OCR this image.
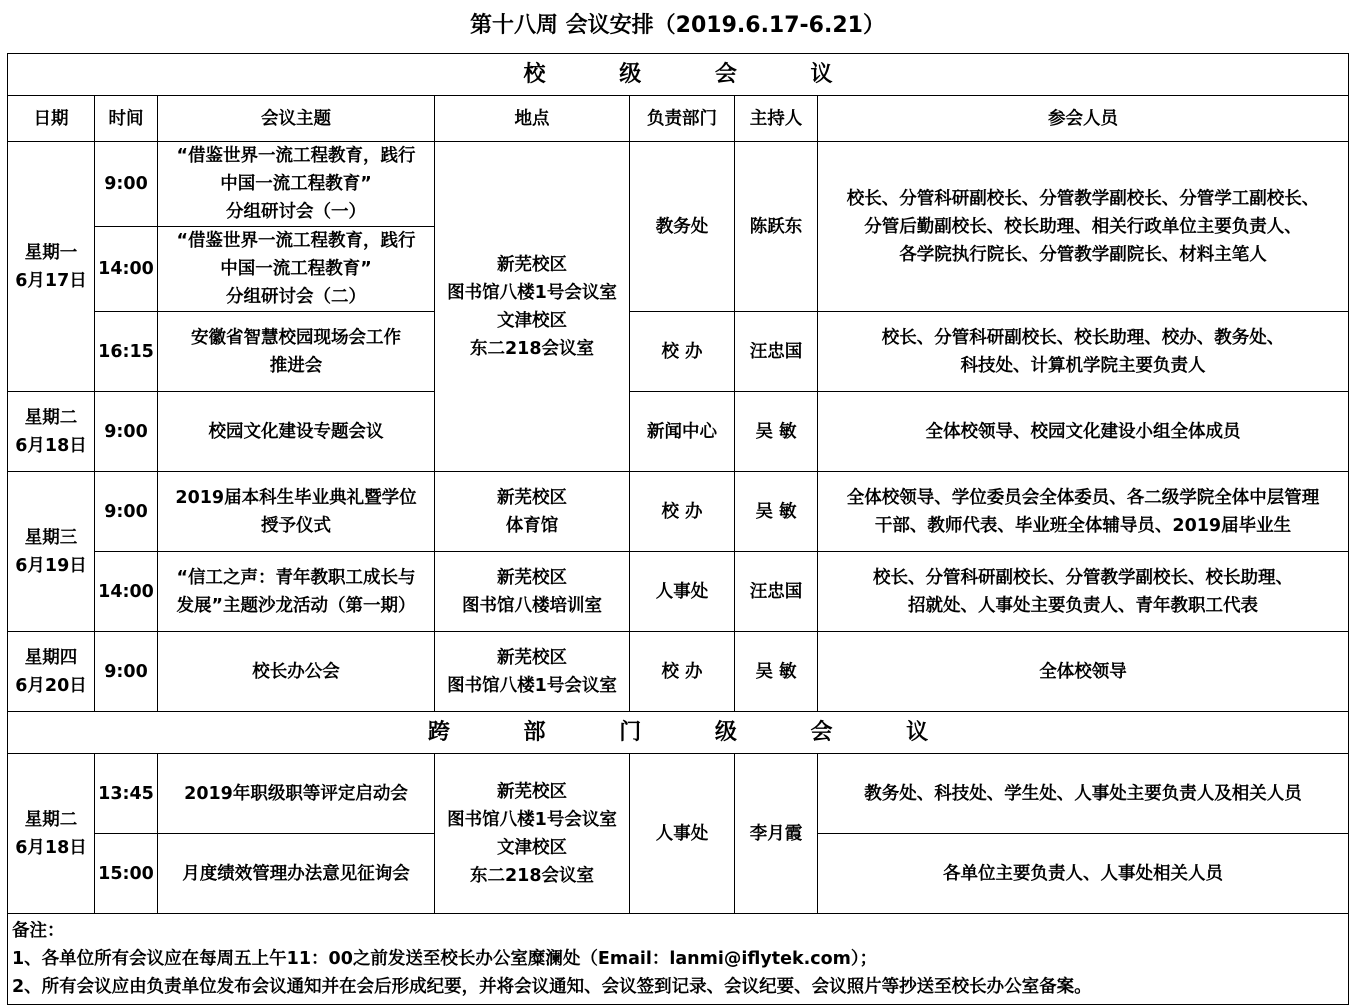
第十八周 会议安排（2019.6.17-6.21）
校 级 会 议						
日期	时间	会议主题	地点	负责部门	主持人	参会人员

星期一
6月17日	9:00	“借鉴世界一流工程教育，践行
中国一流工程教育”
分组研讨会（一）	新芜校区
图书馆八楼1号会议室
文津校区
东二218会议室	教务处	陈跃东	校长、分管科研副校长、分管教学副校长、分管学工副校长、
分管后勤副校长、校长助理、相关行政单位主要负责人、
各学院执行院长、分管教学副院长、材料主笔人

	14:00	“借鉴世界一流工程教育，践行
中国一流工程教育”
分组研讨会（二）				

	16:15	安徽省智慧校园现场会工作
推进会		校 办	汪忠国	校长、分管科研副校长、校长助理、校办、教务处、
科技处、计算机学院主要负责人

星期二
6月18日	9:00	校园文化建设专题会议		新闻中心	吴 敏	全体校领导、校园文化建设小组全体成员

星期三
6月19日	9:00	2019届本科生毕业典礼暨学位
授予仪式	新芜校区
体育馆	校 办	吴 敏	全体校领导、学位委员会全体委员、各二级学院全体中层管理
干部、教师代表、毕业班全体辅导员、2019届毕业生

	14:00	“信工之声：青年教职工成长与
发展”主题沙龙活动（第一期）	新芜校区
图书馆八楼培训室	人事处	汪忠国	校长、分管科研副校长、分管教学副校长、校长助理、
招就处、人事处主要负责人、青年教职工代表

星期四
6月20日	9:00	校长办公会	新芜校区
图书馆八楼1号会议室	校 办	吴 敏	全体校领导

跨 部 门 级 会 议						

星期二
6月18日	13:45	2019年职级职等评定启动会	新芜校区
图书馆八楼1号会议室
文津校区
东二218会议室	人事处	李月霞	教务处、科技处、学生处、人事处主要负责人及相关人员

	15:00	月度绩效管理办法意见征询会				各单位主要负责人、人事处相关人员

备注：
1、各单位所有会议应在每周五上午11：00之前发送至校长办公室糜澜处（Email：lanmi@iflytek.com）；
2、所有会议应由负责单位发布会议通知并在会后形成纪要，并将会议通知、会议签到记录、会议纪要、会议照片等抄送至校长办公室备案。						
